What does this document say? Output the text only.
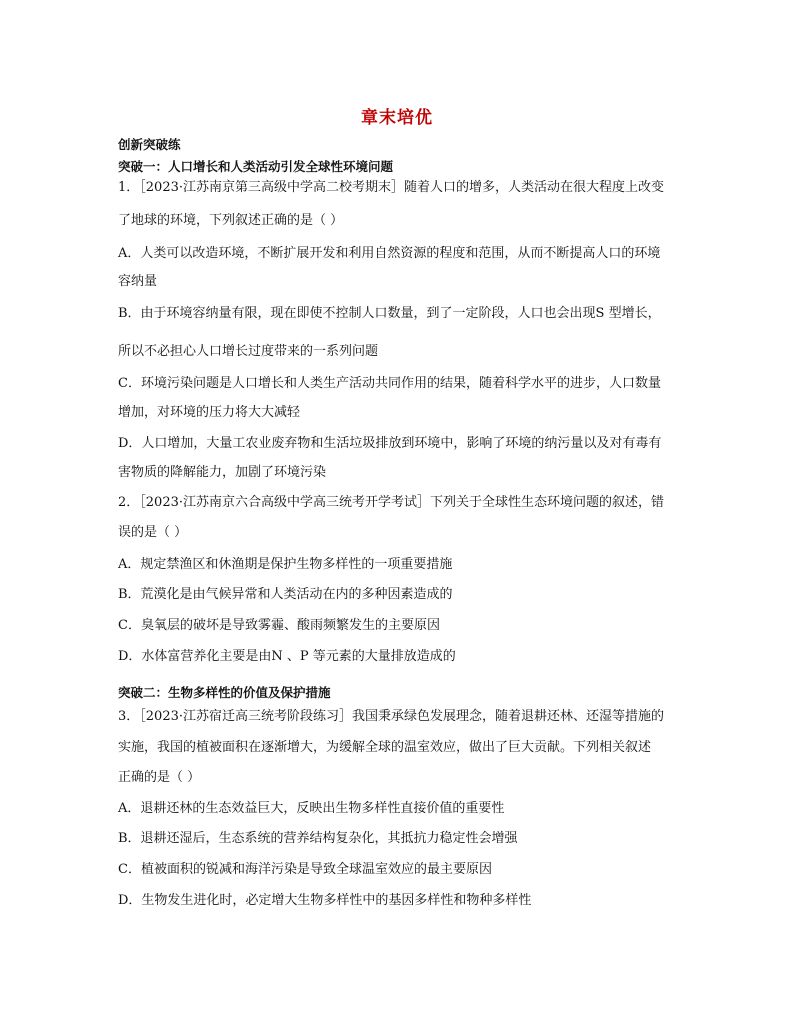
章末培优
创新突破练
突破一：人口增长和人类活动引发全球性环境问题
1．［2023·江苏南京第三高级中学高二校考期末］随着人口的增多，人类活动在很大程度上改变
了地球的环境，下列叙述正确的是（ ）
A．人类可以改造环境，不断扩展开发和利用自然资源的程度和范围，从而不断提高人口的环境
容纳量
B．由于环境容纳量有限，现在即使不控制人口数量，到了一定阶段，人口也会出现S 型增长，
所以不必担心人口增长过度带来的一系列问题
C．环境污染问题是人口增长和人类生产活动共同作用的结果，随着科学水平的进步，人口数量
增加，对环境的压力将大大减轻
D．人口增加，大量工农业废弃物和生活垃圾排放到环境中，影响了环境的纳污量以及对有毒有
害物质的降解能力，加剧了环境污染
2．［2023·江苏南京六合高级中学高三统考开学考试］下列关于全球性生态环境问题的叙述，错
误的是（ ）
A．规定禁渔区和休渔期是保护生物多样性的一项重要措施
B．荒漠化是由气候异常和人类活动在内的多种因素造成的
C．臭氧层的破坏是导致雾霾、酸雨频繁发生的主要原因
D．水体富营养化主要是由N 、P 等元素的大量排放造成的
突破二：生物多样性的价值及保护措施
3．［2023·江苏宿迁高三统考阶段练习］我国秉承绿色发展理念，随着退耕还林、还湿等措施的
实施，我国的植被面积在逐渐增大，为缓解全球的温室效应，做出了巨大贡献。下列相关叙述
正确的是（ ）
A．退耕还林的生态效益巨大，反映出生物多样性直接价值的重要性
B．退耕还湿后，生态系统的营养结构复杂化，其抵抗力稳定性会增强
C．植被面积的锐减和海洋污染是导致全球温室效应的最主要原因
D．生物发生进化时，必定增大生物多样性中的基因多样性和物种多样性
